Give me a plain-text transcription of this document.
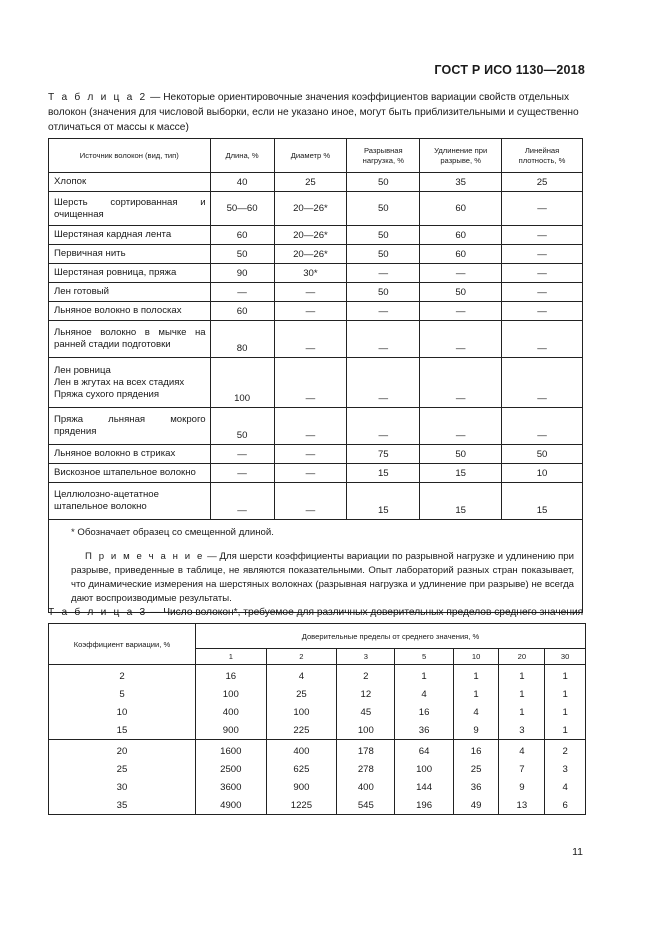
ГОСТ Р ИСО 1130—2018
Т а б л и ц а 2 — Некоторые ориентировочные значения коэффициентов вариации свойств отдельных волокон (значения для числовой выборки, если не указано иное, могут быть приблизительными и существенно отличаться от массы к массе)
Источник волокон (вид, тип)	Длина, %	Диаметр %	Разрывная нагрузка, %	Удлинение при разрыве, %	Линейная плотность, %
Хлопок	40	25	50	35	25
Шерсть сортированная и очищенная	50—60	20—26*	50	60	—
Шерстяная кардная лента	60	20—26*	50	60	—
Первичная нить	50	20—26*	50	60	—
Шерстяная ровница, пряжа	90	30*	—	—	—
Лен готовый	—	—	50	50	—
Льняное волокно в полосках	60	—	—	—	—
Льняное волокно в мычке на ранней стадии подготовки	80	—	—	—	—
Лен ровница
Лен в жгутах на всех стадиях
Пряжа сухого прядения	100	—	—	—	—
Пряжа льняная мокрого прядения	50	—	—	—	—
Льняное волокно в стриках	—	—	75	50	50
Вискозное штапельное волокно	—	—	15	15	10
Целлюлозно-ацетатное штапельное волокно	—	—	15	15	15

* Обозначает образец со смещенной длиной.

П р и м е ч а н и е — Для шерсти коэффициенты вариации по разрывной нагрузке и удлинению при разрыве, приведенные в таблице, не являются показательными. Опыт лабораторий разных стран показывает, что динамические измерения на шерстяных волокнах (разрывная нагрузка и удлинение при разрыве) не всегда дают воспроизводимые результаты.					

Т а б л и ц а 3 — Число волокон*, требуемое для различных доверительных пределов среднего значения
Коэффициент вариации, %	Доверительные пределы от среднего значения, %						
	1	2	3	5	10	20	30
2	16	4	2	1	1	1	1
5	100	25	12	4	1	1	1
10	400	100	45	16	4	1	1
15	900	225	100	36	9	3	1
20	1600	400	178	64	16	4	2
25	2500	625	278	100	25	7	3
30	3600	900	400	144	36	9	4
35	4900	1225	545	196	49	13	6
11
